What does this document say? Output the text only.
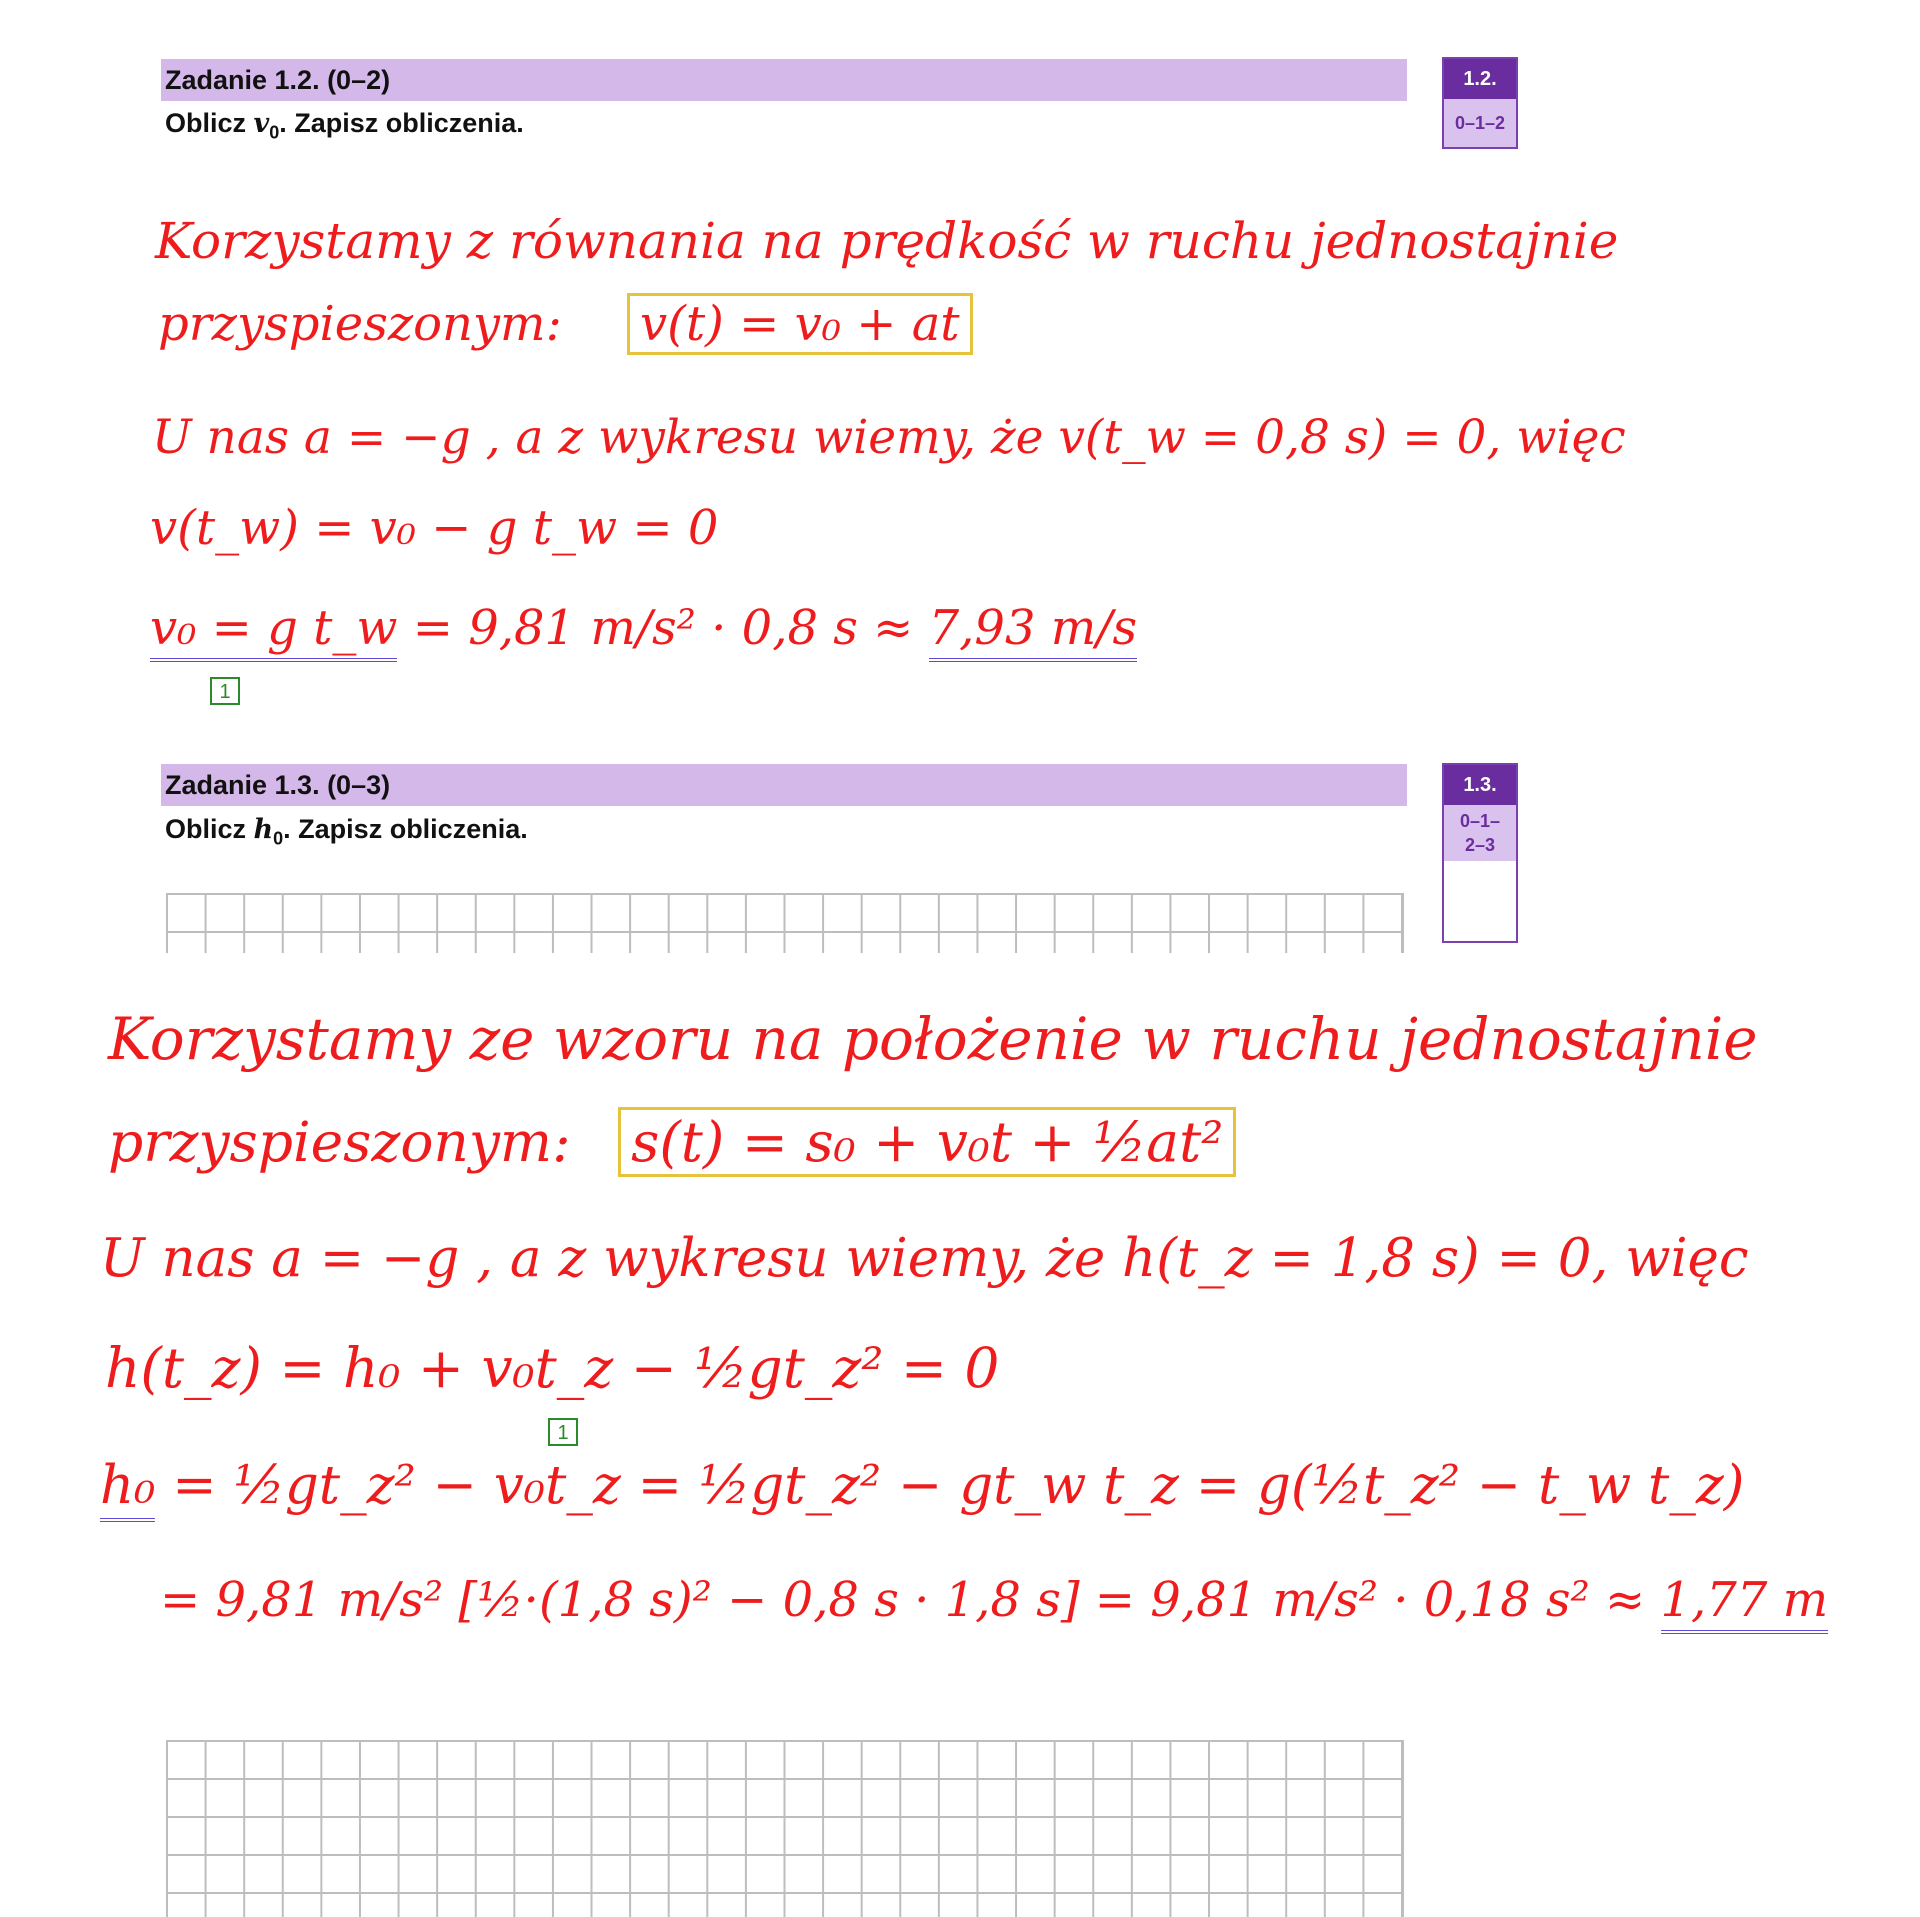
Zadanie 1.2. (0–2)
Oblicz $v_0$. Zapisz obliczenia.
1.2.
0–1–2
Korzystamy z równania na prędkość w ruchu jednostajnie
przyspieszonym: v(t) = v₀ + at
U nas a = −g , a z wykresu wiemy, że v(t_w = 0,8 s) = 0, więc
v(t_w) = v₀ − g t_w = 0
v₀ = g t_w = 9,81 m/s² · 0,8 s ≈ 7,93 m/s
1
Zadanie 1.3. (0–3)
Oblicz $h_0$. Zapisz obliczenia.
1.3.
0–1–
2–3
Korzystamy ze wzoru na położenie w ruchu jednostajnie
przyspieszonym: s(t) = s₀ + v₀t + ½at²
U nas a = −g , a z wykresu wiemy, że h(t_z = 1,8 s) = 0, więc
h(t_z) = h₀ + v₀t_z − ½gt_z² = 0
1
h₀ = ½gt_z² − v₀t_z = ½gt_z² − gt_w t_z = g(½t_z² − t_w t_z)
= 9,81 m/s² [½·(1,8 s)² − 0,8 s · 1,8 s] = 9,81 m/s² · 0,18 s² ≈ 1,77 m
